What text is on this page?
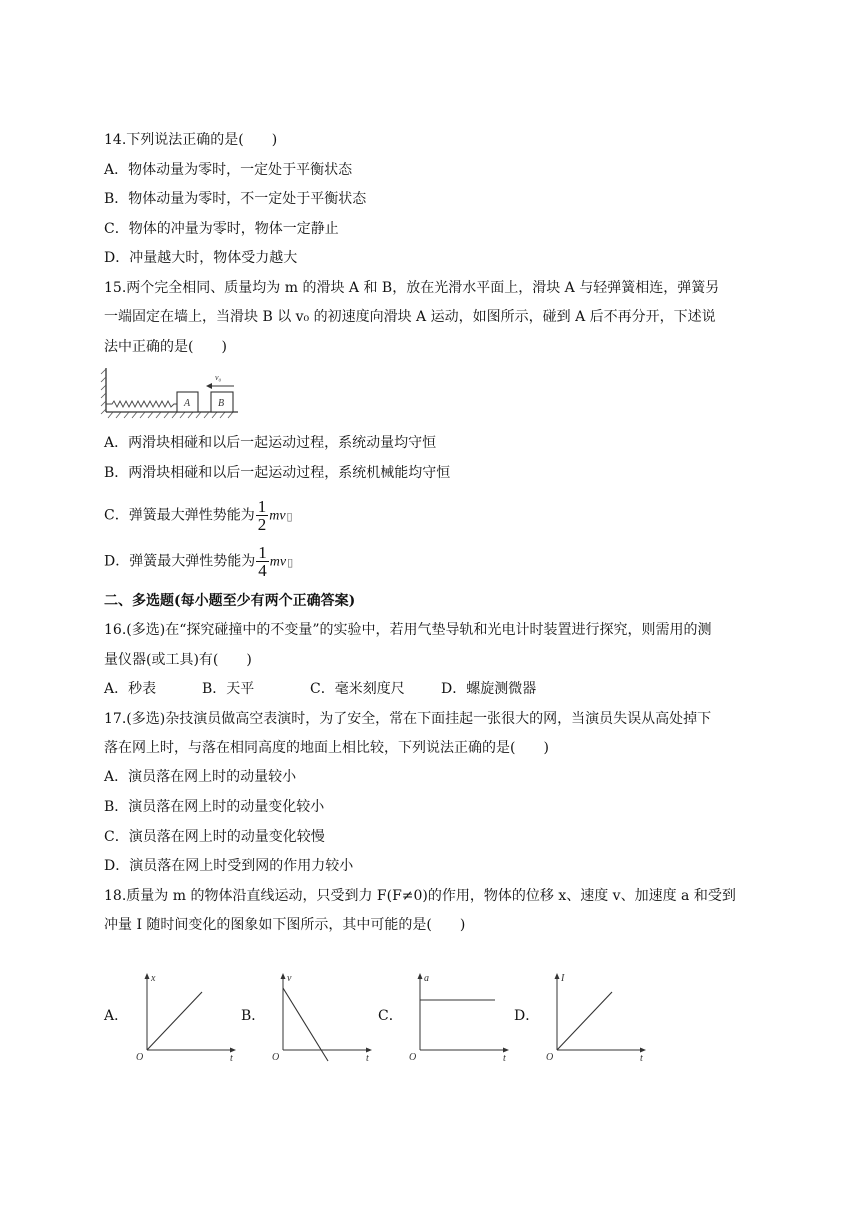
14.下列说法正确的是(　　)
A．物体动量为零时，一定处于平衡状态
B．物体动量为零时，不一定处于平衡状态
C．物体的冲量为零时，物体一定静止
D．冲量越大时，物体受力越大
15.两个完全相同、质量均为 m 的滑块 A 和 B，放在光滑水平面上，滑块 A 与轻弹簧相连，弹簧另
一端固定在墙上，当滑块 B 以 v₀ 的初速度向滑块 A 运动，如图所示，碰到 A 后不再分开，下述说
法中正确的是(　　)
A	B
v₀
A．两滑块相碰和以后一起运动过程，系统动量均守恒
B．两滑块相碰和以后一起运动过程，系统机械能均守恒
C．弹簧最大弹性势能为 $\frac{1}{2}$ mv▯
D．弹簧最大弹性势能为 $\frac{1}{4}$ mv▯
二、多选题(每小题至少有两个正确答案)
16.(多选)在“探究碰撞中的不变量”的实验中，若用气垫导轨和光电计时装置进行探究，则需用的测
量仪器(或工具)有(　　)
A．秒表	B．天平	C．毫米刻度尺	D．螺旋测微器
17.(多选)杂技演员做高空表演时，为了安全，常在下面挂起一张很大的网，当演员失误从高处掉下
落在网上时，与落在相同高度的地面上相比较，下列说法正确的是(　　)
A．演员落在网上时的动量较小
B．演员落在网上时的动量变化较小
C．演员落在网上时的动量变化较慢
D．演员落在网上时受到网的作用力较小
18.质量为 m 的物体沿直线运动，只受到力 F(F≠0)的作用，物体的位移 x、速度 v、加速度 a 和受到
冲量 I 随时间变化的图象如下图所示，其中可能的是(　　)
A．
x
t
O
B．
v
t
O
C．
a
t
O
D．
I
t
O
